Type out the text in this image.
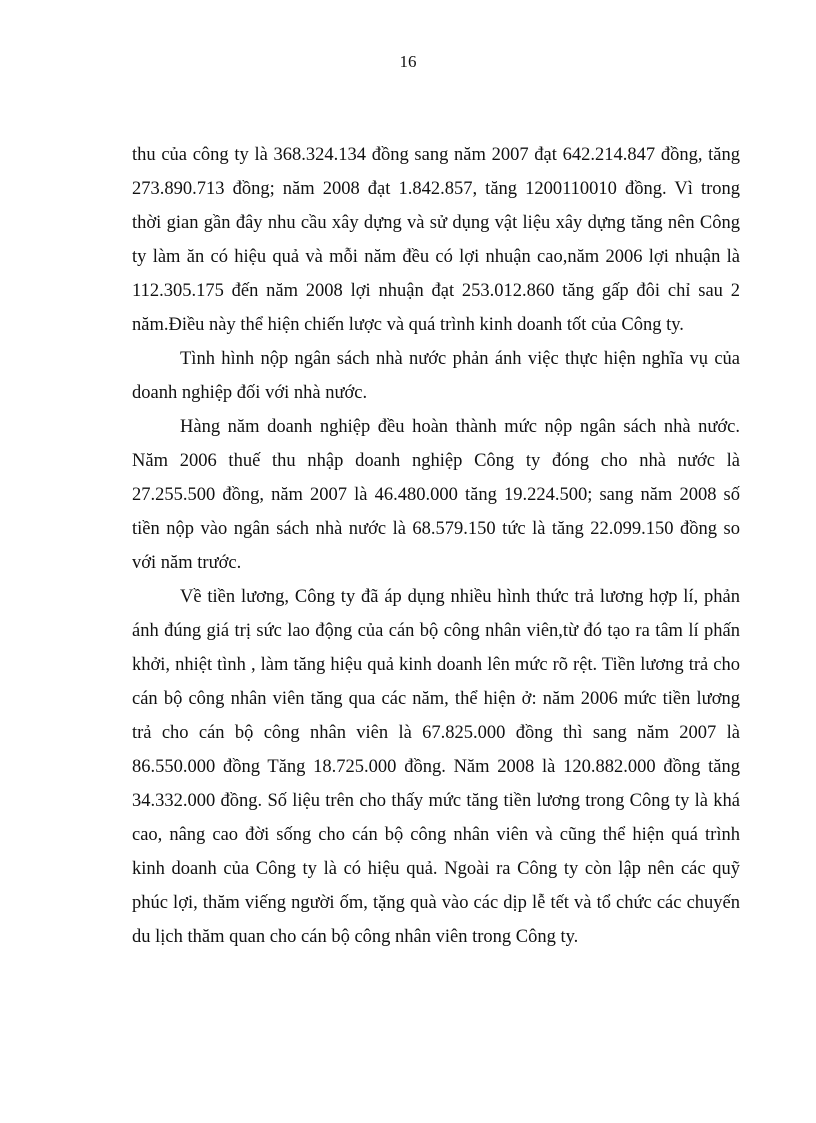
16
thu của công ty là 368.324.134 đồng sang năm 2007 đạt 642.214.847 đồng, tăng
273.890.713 đồng; năm 2008 đạt 1.842.857, tăng 1200110010 đồng. Vì trong
thời gian gần đây nhu cầu xây dựng và sử dụng vật liệu xây dựng tăng nên Công
ty làm ăn có hiệu quả và mỗi năm đều có lợi nhuận cao,năm 2006 lợi nhuận là
112.305.175 đến năm 2008 lợi nhuận đạt 253.012.860 tăng gấp đôi chỉ sau 2
năm.Điều này thể hiện chiến lược và quá trình kinh doanh tốt của Công ty.
Tình hình nộp ngân sách nhà nước phản ánh việc thực hiện nghĩa vụ của
doanh nghiệp đối với nhà nước.
Hàng năm doanh nghiệp đều hoàn thành mức nộp ngân sách nhà nước.
Năm 2006 thuế thu nhập doanh nghiệp Công ty đóng cho nhà nước là
27.255.500 đồng, năm 2007 là 46.480.000 tăng 19.224.500; sang năm 2008 số
tiền nộp vào ngân sách nhà nước là 68.579.150 tức là tăng 22.099.150 đồng so
với năm trước.
Về tiền lương, Công ty đã áp dụng nhiều hình thức trả lương hợp lí, phản
ánh đúng giá trị sức lao động của cán bộ công nhân viên,từ đó tạo ra tâm lí phấn
khởi, nhiệt tình , làm tăng hiệu quả kinh doanh lên mức rõ rệt. Tiền lương trả cho
cán bộ công nhân viên tăng qua các năm, thể hiện ở: năm 2006 mức tiền lương
trả cho cán bộ công nhân viên là 67.825.000 đồng thì sang năm 2007 là
86.550.000 đồng Tăng 18.725.000 đồng. Năm 2008 là 120.882.000 đồng tăng
34.332.000 đồng. Số liệu trên cho thấy mức tăng tiền lương trong Công ty là khá
cao, nâng cao đời sống cho cán bộ công nhân viên và cũng thể hiện quá trình
kinh doanh của Công ty là có hiệu quả. Ngoài ra Công ty còn lập nên các quỹ
phúc lợi, thăm viếng người ốm, tặng quà vào các dịp lễ tết và tổ chức các chuyến
du lịch thăm quan cho cán bộ công nhân viên trong Công ty.
